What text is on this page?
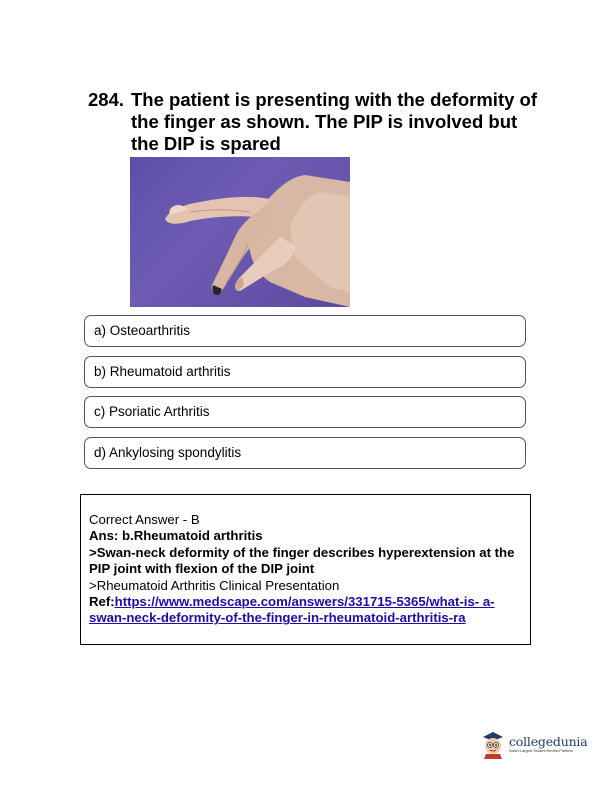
284. The patient is presenting with the deformity of the finger as shown. The PIP is involved but the DIP is spared
a) Osteoarthritis
b) Rheumatoid arthritis
c) Psoriatic Arthritis
d) Ankylosing spondylitis
Correct Answer - B
Ans: b.Rheumatoid arthritis
>Swan-neck deformity of the finger describes hyperextension at the PIP joint with flexion of the DIP joint
>Rheumatoid Arthritis Clinical Presentation
Ref:https://www.medscape.com/answers/331715-5365/what-is- a-swan-neck-deformity-of-the-finger-in-rheumatoid-arthritis-ra
collegedunia
India's Largest Student Review Platform
